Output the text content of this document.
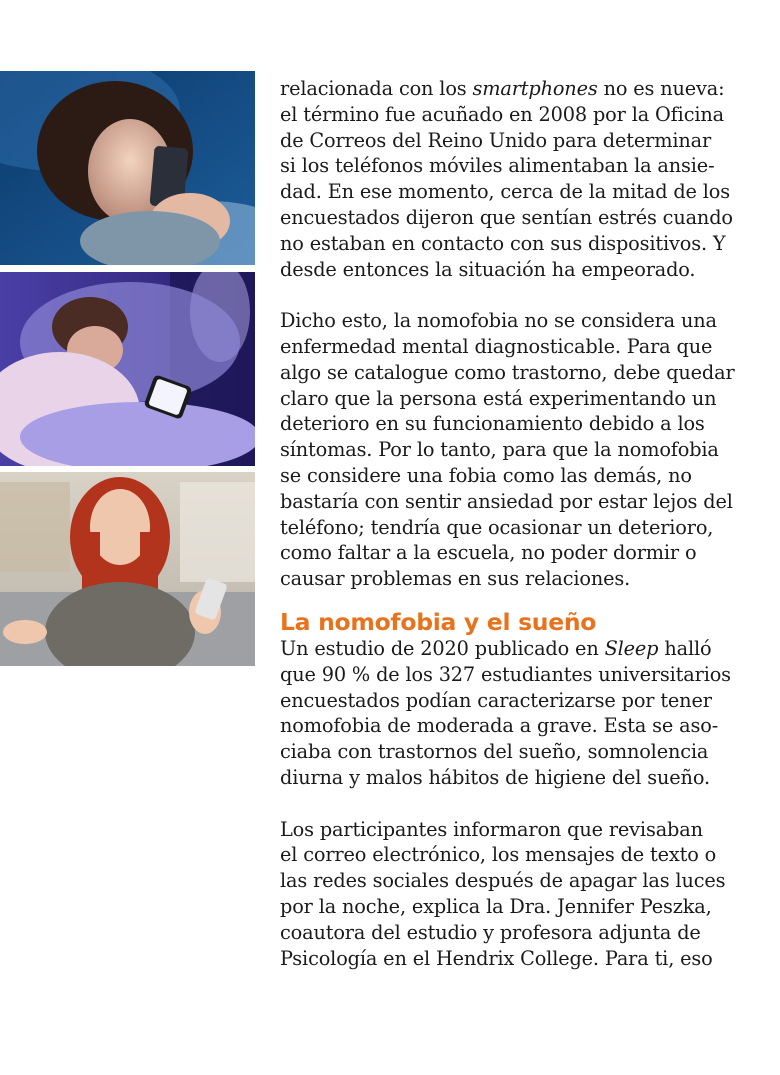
relacionada con los smartphones no es nueva:
el término fue acuñado en 2008 por la Oficina
de Correos del Reino Unido para determinar
si los teléfonos móviles alimentaban la ansie-
dad. En ese momento, cerca de la mitad de los
encuestados dijeron que sentían estrés cuando
no estaban en contacto con sus dispositivos. Y
desde entonces la situación ha empeorado.

Dicho esto, la nomofobia no se considera una
enfermedad mental diagnosticable. Para que
algo se catalogue como trastorno, debe quedar
claro que la persona está experimentando un
deterioro en su funcionamiento debido a los
síntomas. Por lo tanto, para que la nomofobia
se considere una fobia como las demás, no
bastaría con sentir ansiedad por estar lejos del
teléfono; tendría que ocasionar un deterioro,
como faltar a la escuela, no poder dormir o
causar problemas en sus relaciones.

La nomofobia y el sueño

Un estudio de 2020 publicado en Sleep halló
que 90 % de los 327 estudiantes universitarios
encuestados podían caracterizarse por tener
nomofobia de moderada a grave. Esta se aso-
ciaba con trastornos del sueño, somnolencia
diurna y malos hábitos de higiene del sueño.

Los participantes informaron que revisaban
el correo electrónico, los mensajes de texto o
las redes sociales después de apagar las luces
por la noche, explica la Dra. Jennifer Peszka,
coautora del estudio y profesora adjunta de
Psicología en el Hendrix College. Para ti, eso
